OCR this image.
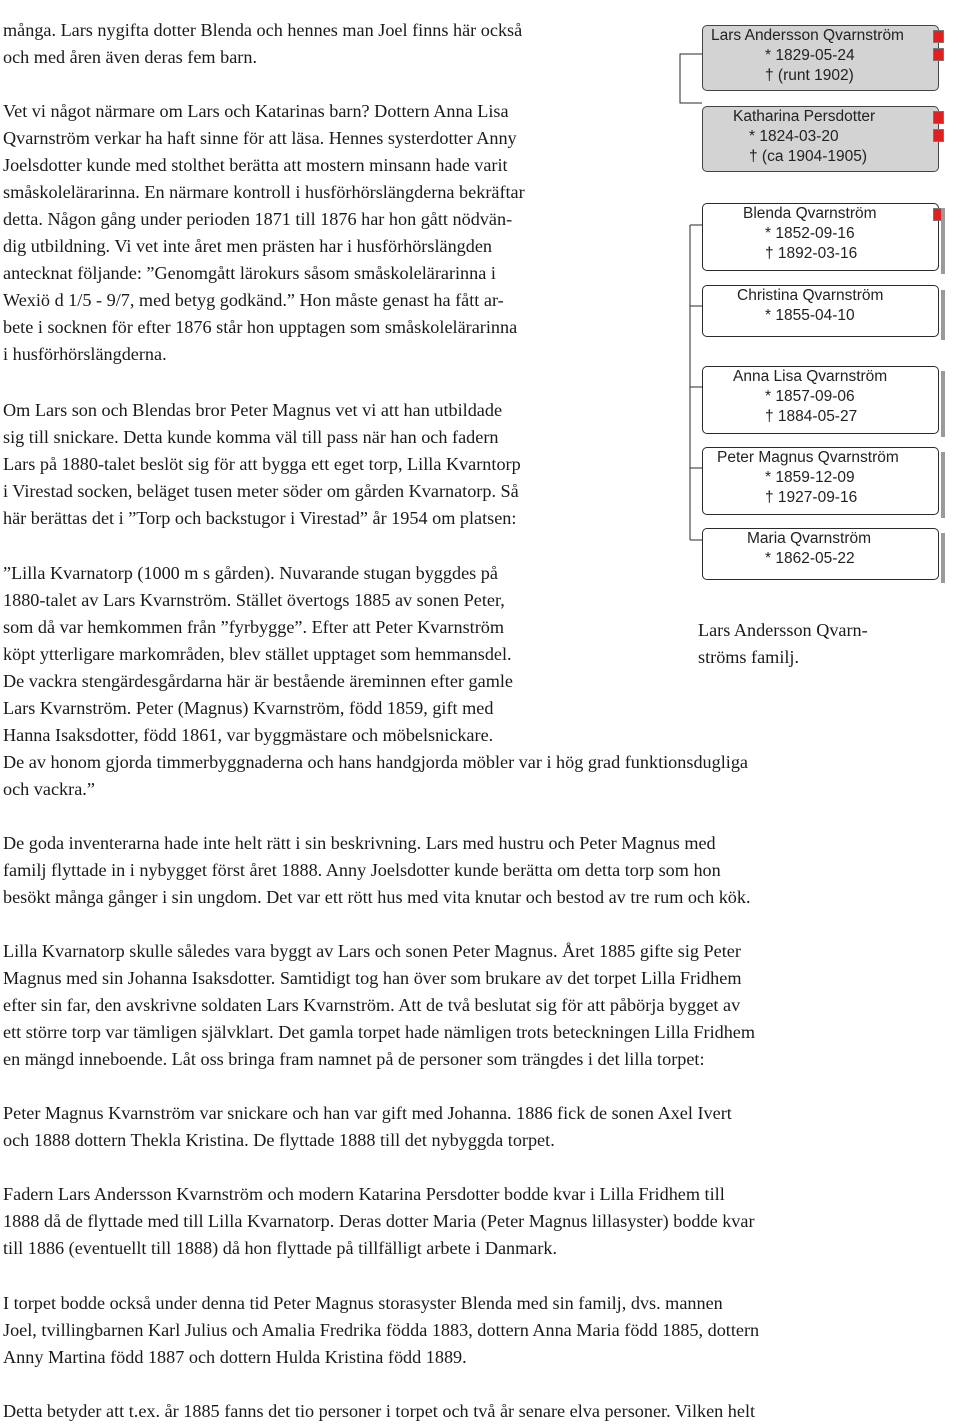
många. Lars nygifta dotter Blenda och hennes man Joel finns här också
och med åren även deras fem barn.
Vet vi något närmare om Lars och Katarinas barn? Dottern Anna Lisa
Qvarnström verkar ha haft sinne för att läsa. Hennes systerdotter Anny
Joelsdotter kunde med stolthet berätta att mostern minsann hade varit
småskolelärarinna. En närmare kontroll i husförhörslängderna bekräftar
detta. Någon gång under perioden 1871 till 1876 har hon gått nödvän-
dig utbildning. Vi vet inte året men prästen har i husförhörslängden
antecknat följande: ”Genomgått lärokurs såsom småskolelärarinna i
Wexiö d 1/5 - 9/7, med betyg godkänd.” Hon måste genast ha fått ar-
bete i socknen för efter 1876 står hon upptagen som småskolelärarinna
i husförhörslängderna.
Om Lars son och Blendas bror Peter Magnus vet vi att han utbildade
sig till snickare. Detta kunde komma väl till pass när han och fadern
Lars på 1880-talet beslöt sig för att bygga ett eget torp, Lilla Kvarntorp
i Virestad socken, beläget tusen meter söder om gården Kvarnatorp. Så
här berättas det i ”Torp och backstugor i Virestad” år 1954 om platsen:
”Lilla Kvarnatorp (1000 m s gården). Nuvarande stugan byggdes på
1880-talet av Lars Kvarnström. Stället övertogs 1885 av sonen Peter,
som då var hemkommen från ”fyrbygge”. Efter att Peter Kvarnström
köpt ytterligare markområden, blev stället upptaget som hemmansdel.
De vackra stengärdesgårdarna här är bestående äreminnen efter gamle
Lars Kvarnström. Peter (Magnus) Kvarnström, född 1859, gift med
Hanna Isaksdotter, född 1861, var byggmästare och möbelsnickare.
De av honom gjorda timmerbyggnaderna och hans handgjorda möbler var i hög grad funktionsdugliga
och vackra.”
De goda inventerarna hade inte helt rätt i sin beskrivning. Lars med hustru och Peter Magnus med
familj flyttade in i nybygget först året 1888. Anny Joelsdotter kunde berätta om detta torp som hon
besökt många gånger i sin ungdom. Det var ett rött hus med vita knutar och bestod av tre rum och kök.
Lilla Kvarnatorp skulle således vara byggt av Lars och sonen Peter Magnus. Året 1885 gifte sig Peter
Magnus med sin Johanna Isaksdotter. Samtidigt tog han över som brukare av det torpet Lilla Fridhem
efter sin far, den avskrivne soldaten Lars Kvarnström. Att de två beslutat sig för att påbörja bygget av
ett större torp var tämligen självklart. Det gamla torpet hade nämligen trots beteckningen Lilla Fridhem
en mängd inneboende. Låt oss bringa fram namnet på de personer som trängdes i det lilla torpet:
Peter Magnus Kvarnström var snickare och han var gift med Johanna. 1886 fick de sonen Axel Ivert
och 1888 dottern Thekla Kristina. De flyttade 1888 till det nybyggda torpet.
Fadern Lars Andersson Kvarnström och modern Katarina Persdotter bodde kvar i Lilla Fridhem till
1888 då de flyttade med till Lilla Kvarnatorp. Deras dotter Maria (Peter Magnus lillasyster) bodde kvar
till 1886 (eventuellt till 1888) då hon flyttade på tillfälligt arbete i Danmark.
I torpet bodde också under denna tid Peter Magnus storasyster Blenda med sin familj, dvs. mannen
Joel, tvillingbarnen Karl Julius och Amalia Fredrika födda 1883, dottern Anna Maria född 1885, dottern
Anny Martina född 1887 och dottern Hulda Kristina född 1889.
Detta betyder att t.ex. år 1885 fanns det tio personer i torpet och två år senare elva personer. Vilken helt
Lars Andersson Qvarnström
* 1829-05-24
† (runt 1902)
Katharina Persdotter
* 1824-03-20
† (ca 1904-1905)
Blenda Qvarnström
* 1852-09-16
† 1892-03-16
Christina Qvarnström
* 1855-04-10
Anna Lisa Qvarnström
* 1857-09-06
† 1884-05-27
Peter Magnus Qvarnström
* 1859-12-09
† 1927-09-16
Maria Qvarnström
* 1862-05-22
Lars Andersson Qvarn-
ströms familj.
